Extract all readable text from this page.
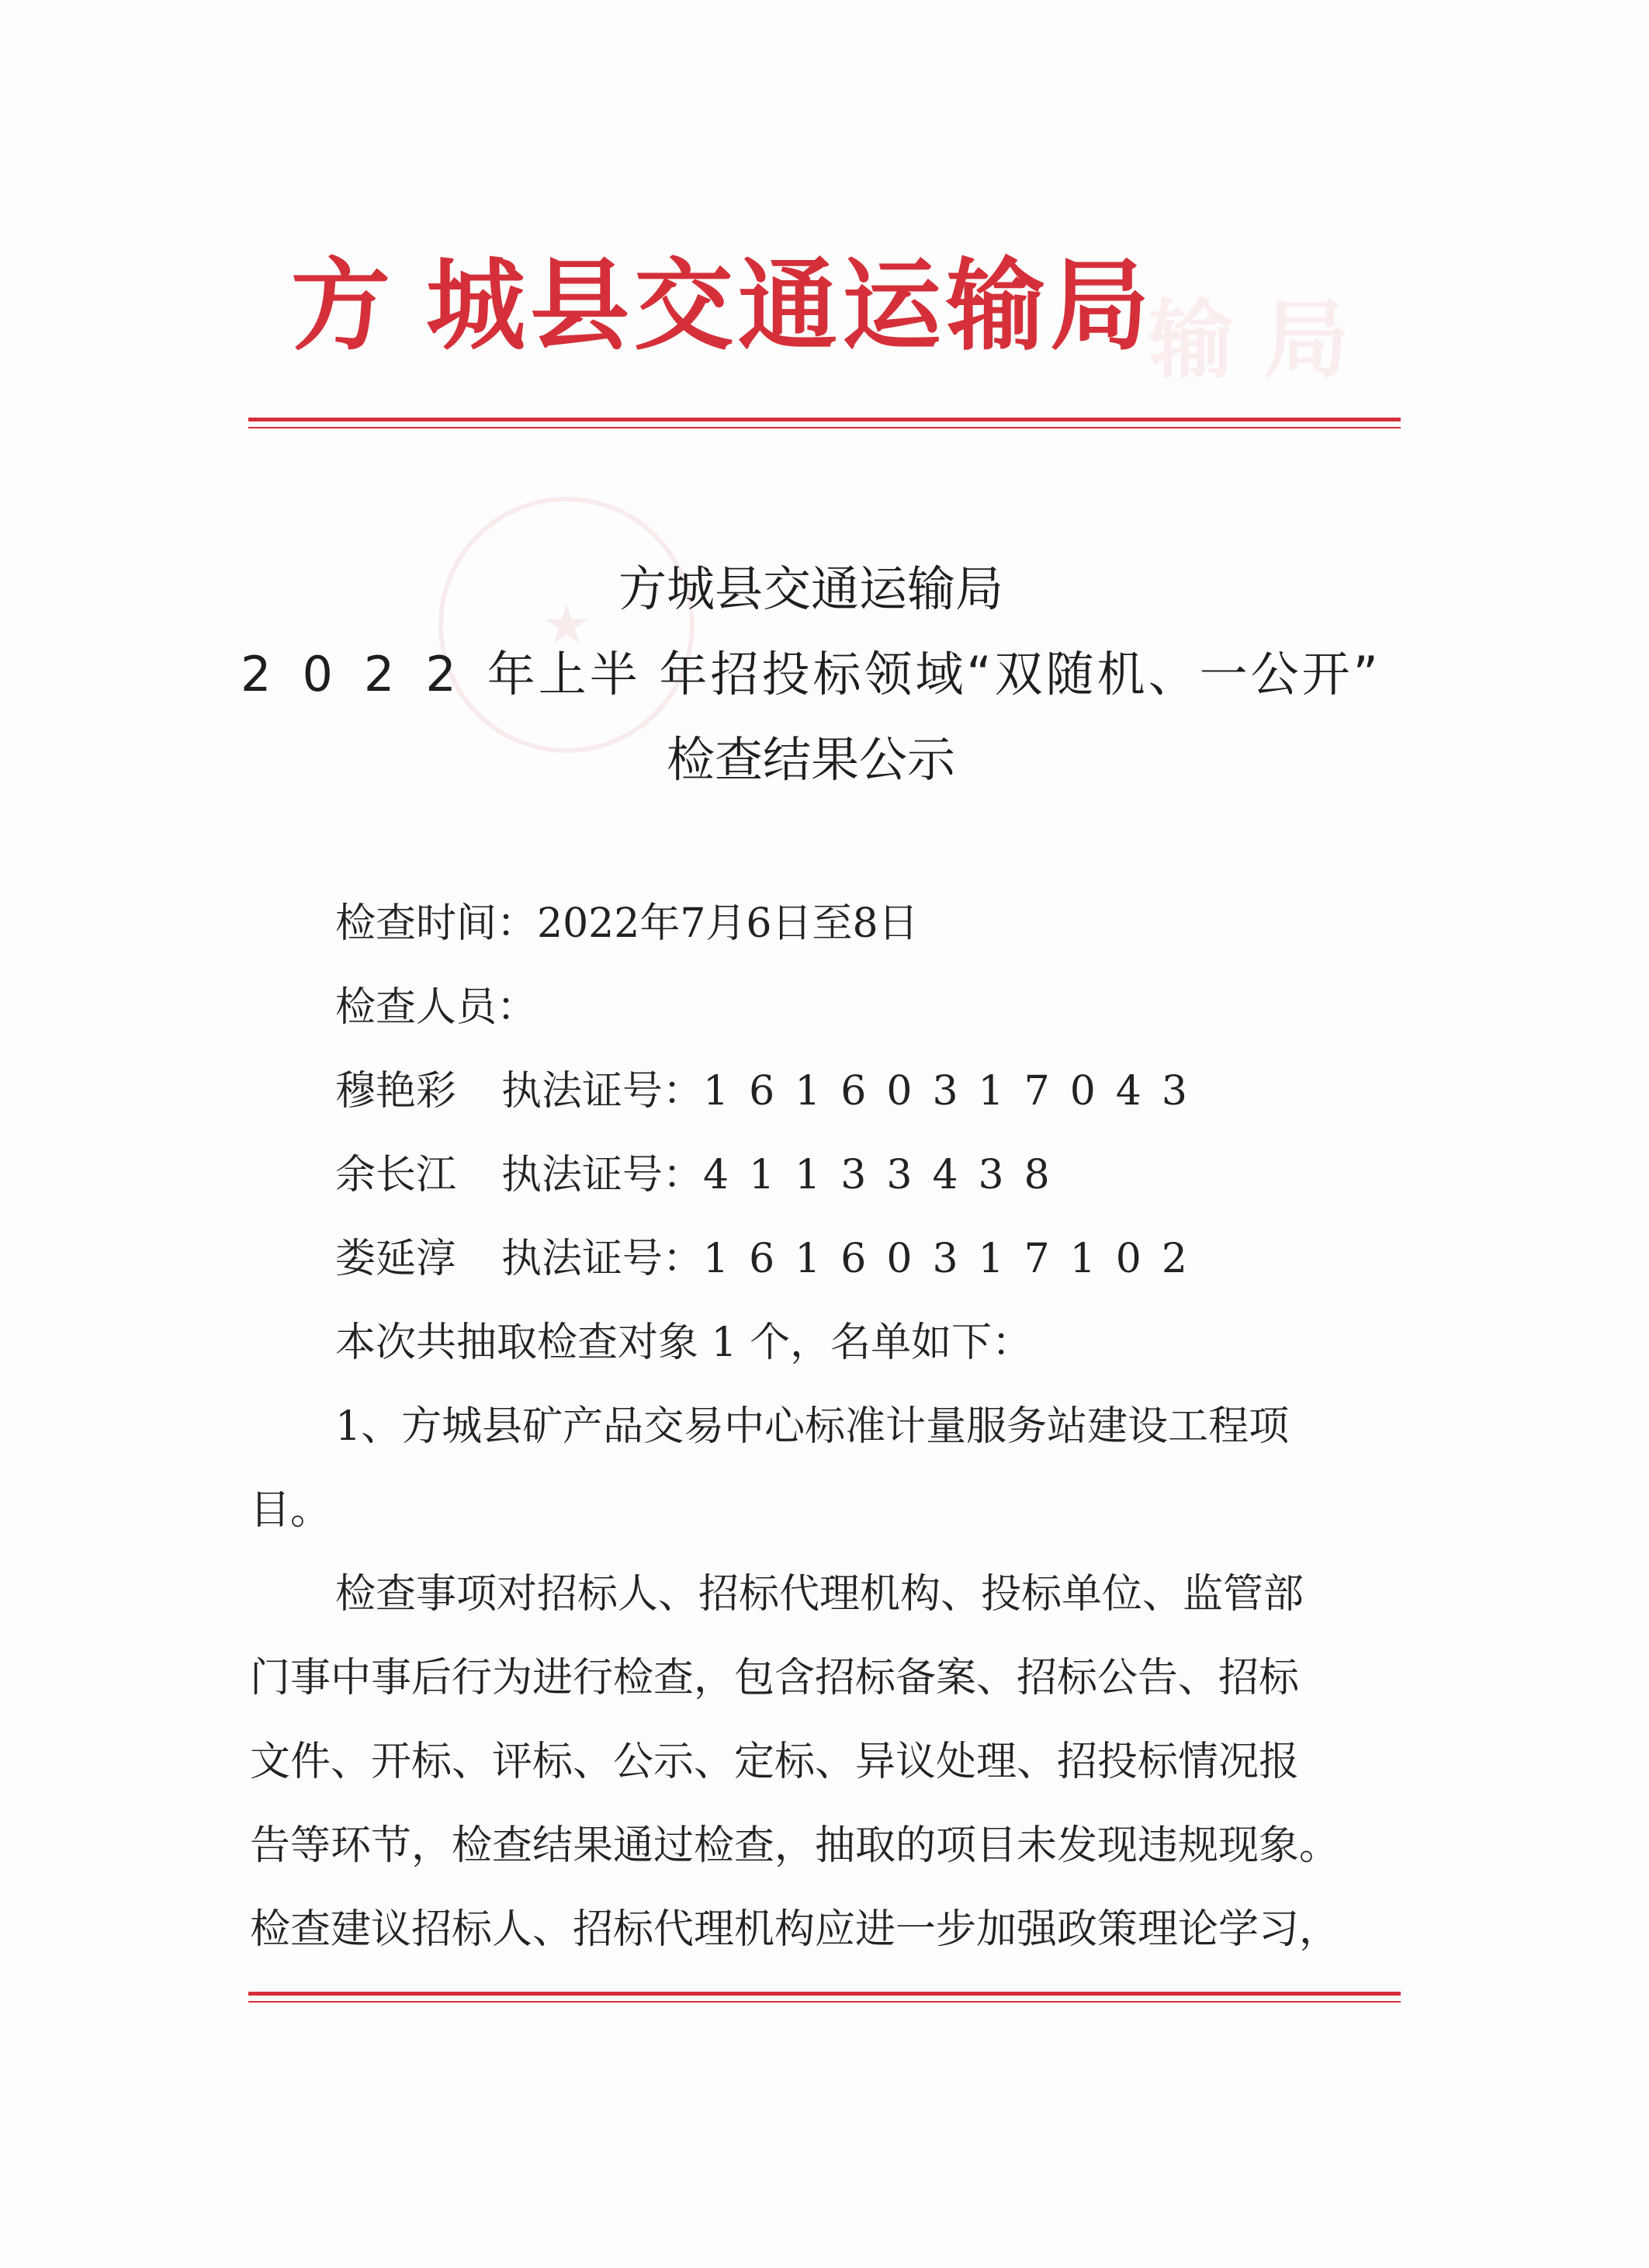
方 城县交通运输局
输 局
★
方城县交通运输局
2022年上半 年招投标领域“双随机、一公开”
检查结果公示
检查时间：2022年7月6日至8日
检查人员：
穆艳彩 执法证号：16160317043
余长江 执法证号：41133438
娄延淳 执法证号：16160317102
本次共抽取检查对象 1 个，名单如下：
1、方城县矿产品交易中心标准计量服务站建设工程项
目。
检查事项对招标人、招标代理机构、投标单位、监管部
门事中事后行为进行检查，包含招标备案、招标公告、招标
文件、开标、评标、公示、定标、异议处理、招投标情况报
告等环节，检查结果通过检查，抽取的项目未发现违规现象。
检查建议招标人、招标代理机构应进一步加强政策理论学习，
